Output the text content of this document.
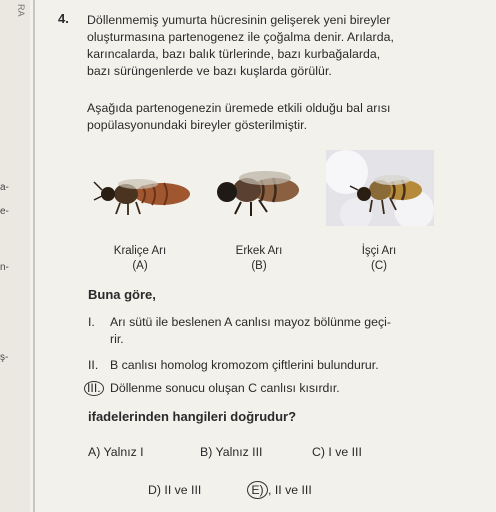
RA
a-
e-
n-
ş-
4. Döllenmemiş yumurta hücresinin gelişerek yeni bireyler
oluşturmasına partenogenez ile çoğalma denir. Arılarda,
karıncalarda, bazı balık türlerinde, bazı kurbağalarda,
bazı sürüngenlerde ve bazı kuşlarda görülür.
Aşağıda partenogenezin üremede etkili olduğu bal arısı
popülasyonundaki bireyler gösterilmiştir.
Kraliçe Arı
(A)
Erkek Arı
(B)
İşçi Arı
(C)
Buna göre,
I. Arı sütü ile beslenen A canlısı mayoz bölünme geçi-
rir.
II. B canlısı homolog kromozom çiftlerini bulundurur.
III. Döllenme sonucu oluşan C canlısı kısırdır.
ifadelerinden hangileri doğrudur?
A) Yalnız I	B) Yalnız III	C) I ve III
D) II ve III	E) , II ve III
